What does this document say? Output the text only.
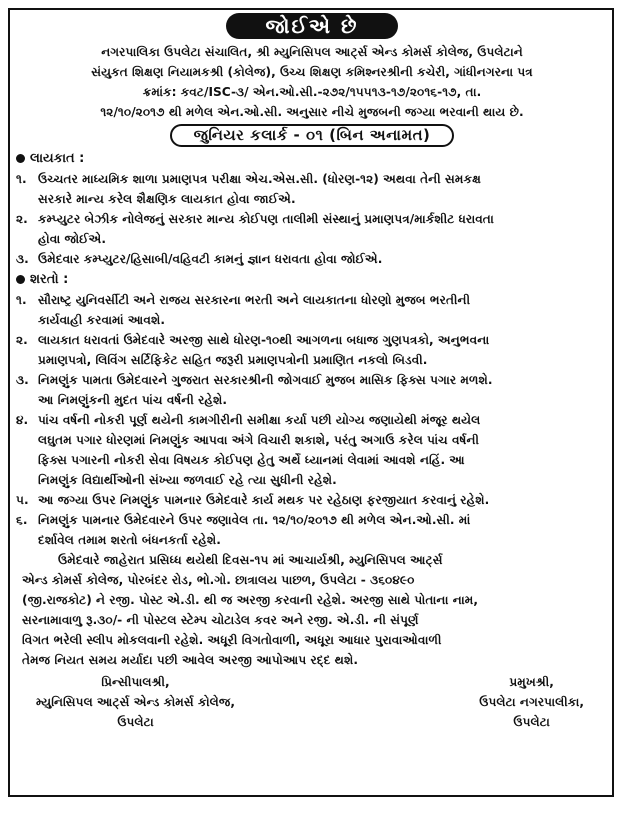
જોઈએ છે
નગરપાલિકા ઉપલેટા સંચાલિત, શ્રી મ્યુનિસિપલ આર્ટ્સ એન્ડ કોમર્સ કોલેજ, ઉપલેટાને
સંયુકત શિક્ષણ નિયામકશ્રી (કોલેજ), ઉચ્ચ શિક્ષણ કમિશ્નરશ્રીની કચેરી, ગાંધીનગરના પત્ર
ક્રમાંક: કવટ/ISC-૩/ એન.ઓ.સી.-૨૭૨/૧૫૫૧૩-૧૭/૨૦૧૬-૧૭, તા.
૧૨/૧૦/૨૦૧૭ થી મળેલ એન.ઓ.સી. અનુસાર નીચે મુજબની જગ્યા ભરવાની થાય છે.
જુનિયર કલાર્ક - ૦૧ (બિન અનામત)
લાયકાત :
૧. ઉચ્ચતર માધ્યમિક શાળા પ્રમાણપત્ર પરીક્ષા એચ.એસ.સી. (ધોરણ-૧૨) અથવા તેની સમકક્ષ
સરકારે માન્ય કરેલ શૈક્ષણિક લાયકાત હોવા જાઈએ.
૨. કમ્પ્યુટર બેઝીક નોલેજનું સરકાર માન્ય કોઈપણ તાલીમી સંસ્થાનું પ્રમાણપત્ર/માર્કશીટ ધરાવતા
હોવા જોઈએ.
૩. ઉમેદવાર કમ્પ્યુટર/હિસાબી/વહિવટી કામનું જ્ઞાન ધરાવતા હોવા જોઈએ.
શરતો :
૧. સૌરાષ્ટ્ર યુનિવર્સીટી અને રાજય સરકારના ભરતી અને લાયકાતના ધોરણો મુજબ ભરતીની
કાર્યવાહી કરવામાં આવશે.
૨. લાયકાત ધરાવતાં ઉમેદવારે અરજી સાથે ધોરણ-૧૦થી આગળના બધાજ ગુણપત્રકો, અનુભવના
પ્રમાણપત્રો, લિવિંગ સર્ટિફિકેટ સહિત જરૂરી પ્રમાણપત્રોની પ્રમાણિત નકલો બિડવી.
૩. નિમણુંક પામતા ઉમેદવારને ગુજરાત સરકારશ્રીની જોગવાઈ મુજબ માસિક ફિક્સ પગાર મળશે.
આ નિમણુંકની મુદત પાંચ વર્ષની રહેશે.
૪. પાંચ વર્ષની નોકરી પૂર્ણ થયેની કામગીરીની સમીક્ષા કર્યા પછી યોગ્ય જણાયેથી મંજૂર થયેલ
લઘુતમ પગાર ધોરણમાં નિમણુંક આપવા અંગે વિચારી શકાશે, પરંતુ અગાઉ કરેલ પાંચ વર્ષની
ફિક્સ પગારની નોકરી સેવા વિષયક કોઈપણ હેતુ અર્થે ધ્યાનમાં લેવામાં આવશે નહિં. આ
નિમણુંક વિદ્યાર્થીઓની સંખ્યા જળવાઈ રહે ત્યા સુધીની રહેશે.
૫. આ જગ્યા ઉપર નિમણુંક પામનાર ઉમેદવારે કાર્ય મથક પર રહેઠાણ ફરજીયાત કરવાનું રહેશે.
૬. નિમણુંક પામનાર ઉમેદવારને ઉપર જણાવેલ તા. ૧૨/૧૦/૨૦૧૭ થી મળેલ એન.ઓ.સી. માં
દર્શાવેલ તમામ શરતો બંધનકર્તા રહેશે.
ઉમેદવારે જાહેરાત પ્રસિધ્ધ થયેથી દિવસ-૧૫ માં આચાર્યશ્રી, મ્યુનિસિપલ આર્ટ્સ
એન્ડ કોમર્સ કોલેજ, પોરબંદર રોડ, ભો.ગો. છાત્રાલય પાછળ, ઉપલેટા - ૩૬૦૪૯૦
(જી.રાજકોટ) ને રજી. પોસ્ટ એ.ડી. થી જ અરજી કરવાની રહેશે. અરજી સાથે પોતાના નામ,
સરનામાવાળુ રૂ.૩૦/- ની પોસ્ટલ સ્ટેમ્પ ચોટાડેલ કવર અને રજી. એ.ડી. ની સંપૂર્ણ
વિગત ભરેલી સ્લીપ મોકલવાની રહેશે. અધૂરી વિગતોવાળી, અધૂરા આધાર પુરાવાઓવાળી
તેમજ નિયત સમય મર્યાદા પછી આવેલ અરજી આપોઆપ રદ્દ થશે.
પ્રિન્સીપાલશ્રી,
મ્યુનિસિપલ આર્ટ્સ એન્ડ કોમર્સ કોલેજ,
ઉપલેટા
પ્રમુખશ્રી,
ઉપલેટા નગરપાલીકા,
ઉપલેટા
